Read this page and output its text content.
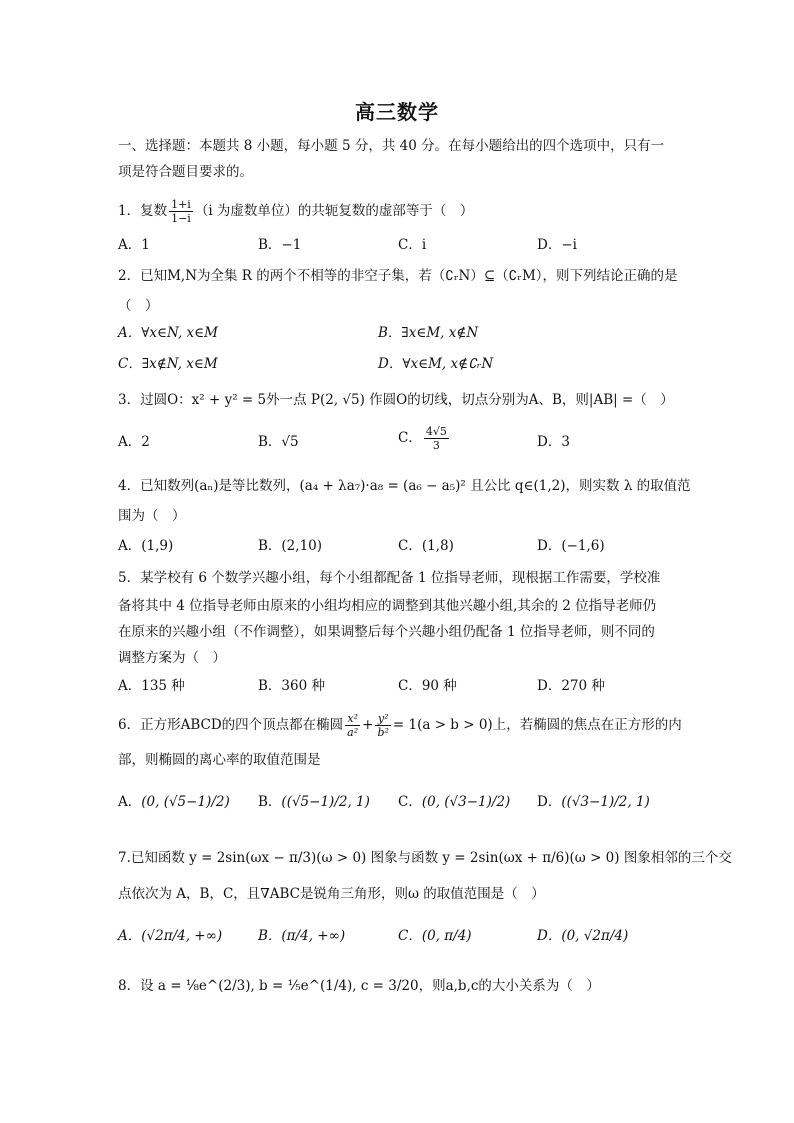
高三数学
一、选择题：本题共 8 小题，每小题 5 分，共 40 分。在每小题给出的四个选项中，只有一
项是符合题目要求的。
1．复数 $\frac{1+i}{1-i} (i$ 为虚数单位）的共轭复数的虚部等于（　）
A．1	B．−1	C．i	D．−i
2．已知M,N为全集 R 的两个不相等的非空子集，若（∁ᵣN）⊆（∁ᵣM），则下列结论正确的是
（　）
A．∀x∈N, x∈M	B．∃x∈M, x∉N
C．∃x∉N, x∈M	D．∀x∈M, x∉∁ᵣN
3．过圆O：x² + y² = 5外一点 P(2, √5) 作圆O的切线，切点分别为A、B，则|AB| =（　）
A．2	B．√5	C． $\frac{4√5}{3}$	D．3
4．已知数列(aₙ)是等比数列，(a₄ + λa₇)·a₈ = (a₆ − a₅)² 且公比 q∈(1,2)，则实数 λ 的取值范
围为（　）
A．(1,9)	B．(2,10)	C．(1,8)	D．(−1,6)
5．某学校有 6 个数学兴趣小组，每个小组都配备 1 位指导老师，现根据工作需要，学校准
备将其中 4 位指导老师由原来的小组均相应的调整到其他兴趣小组,其余的 2 位指导老师仍
在原来的兴趣小组（不作调整），如果调整后每个兴趣小组仍配备 1 位指导老师，则不同的
调整方案为（　）
A．135 种	B．360 种	C．90 种	D．270 种
6．正方形ABCD的四个顶点都在椭圆 $\frac{\text{x²}}{\text{a²}} + \frac{\text{y²}}{\text{b²}} = 1(a > b > 0)$上，若椭圆的焦点在正方形的内
部，则椭圆的离心率的取值范围是
A．(0, (√5−1)/2) B．((√5−1)/2, 1) C．(0, (√3−1)/2) D．((√3−1)/2, 1)
7.已知函数 y = 2sin(ωx − π/3)(ω > 0) 图象与函数 y = 2sin(ωx + π/6)(ω > 0) 图象相邻的三个交
点依次为 A，B，C，且∇ABC是锐角三角形，则ω 的取值范围是（　）
A．(√2π/4, +∞)	B．(π/4, +∞)	C．(0, π/4)	D．(0, √2π/4)
8．设 a = ⅛e^(2/3), b = ⅕e^(1/4), c = 3/20，则a,b,c的大小关系为（　）
